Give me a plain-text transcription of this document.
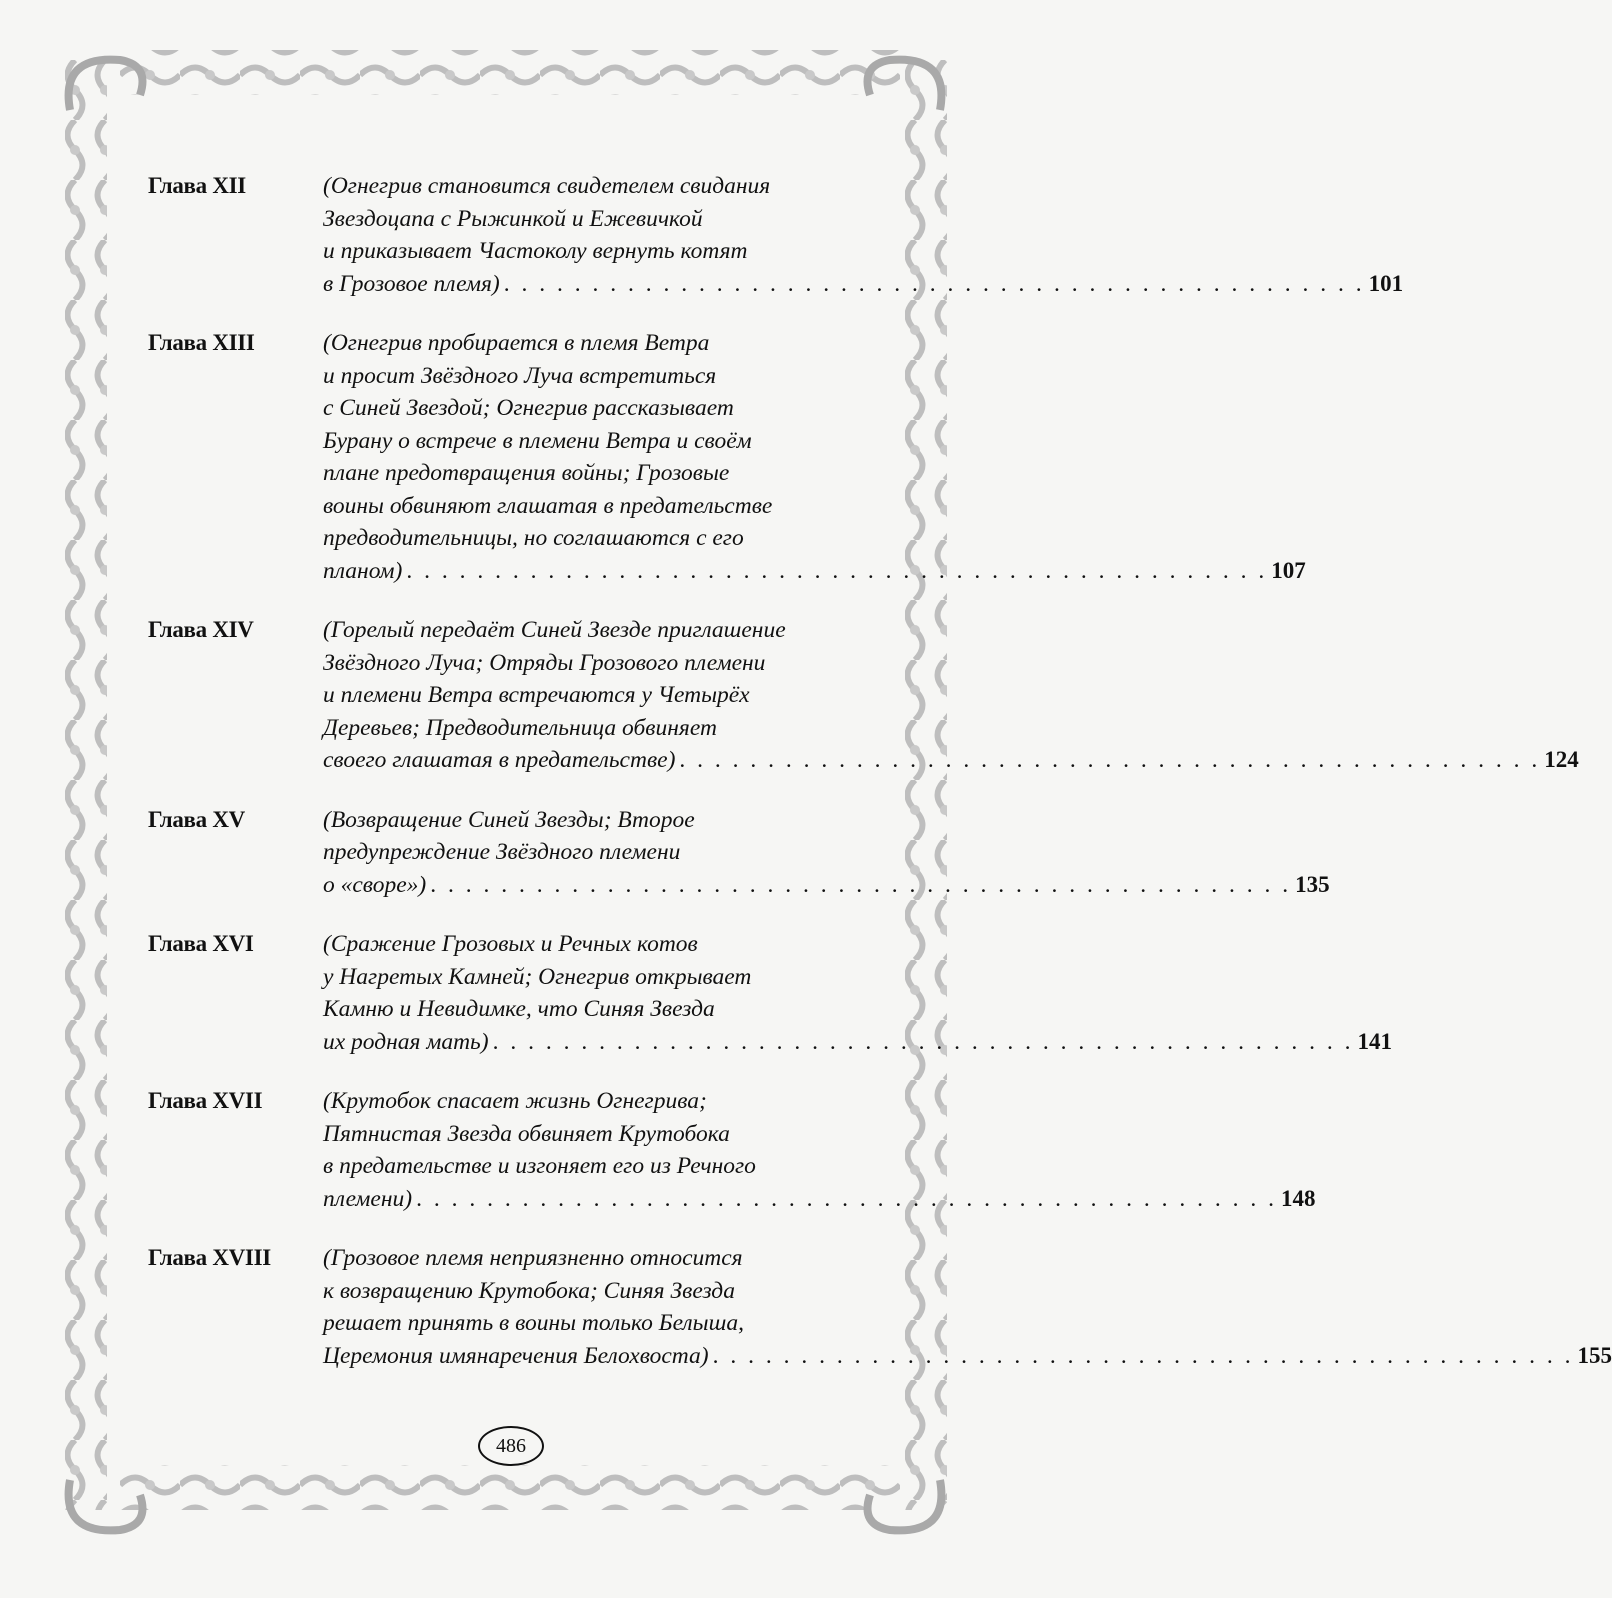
Глава XII	(Огнегрив становится свидетелем свидания
Звездоцапа с Рыжинкой и Ежевичкой
и приказывает Частоколу вернуть котят
в Грозовое племя) . . . . . . . . . . . . . . . . . . . . . . . . . . . . . . . . . . . . . . . . . . . . . . . . . 101
Глава XIII	(Огнегрив пробирается в племя Ветра
и просит Звёздного Луча встретиться
с Синей Звездой; Огнегрив рассказывает
Бурану о встрече в племени Ветра и своём
плане предотвращения войны; Грозовые
воины обвиняют глашатая в предательстве
предводительницы, но соглашаются с его
планом) . . . . . . . . . . . . . . . . . . . . . . . . . . . . . . . . . . . . . . . . . . . . . . . . . 107
Глава XIV	(Горелый передаёт Синей Звезде приглашение
Звёздного Луча; Отряды Грозового племени
и племени Ветра встречаются у Четырёх
Деревьев; Предводительница обвиняет
своего глашатая в предательстве) . . . . . . . . . . . . . . . . . . . . . . . . . . . . . . . . . . . . . . . . . . . . . . . . . 124
Глава XV	(Возвращение Синей Звезды; Второе
предупреждение Звёздного племени
о «своре») . . . . . . . . . . . . . . . . . . . . . . . . . . . . . . . . . . . . . . . . . . . . . . . . . 135
Глава XVI	(Сражение Грозовых и Речных котов
у Нагретых Камней; Огнегрив открывает
Камню и Невидимке, что Синяя Звезда
их родная мать) . . . . . . . . . . . . . . . . . . . . . . . . . . . . . . . . . . . . . . . . . . . . . . . . . 141
Глава XVII	(Крутобок спасает жизнь Огнегрива;
Пятнистая Звезда обвиняет Крутобока
в предательстве и изгоняет его из Речного
племени) . . . . . . . . . . . . . . . . . . . . . . . . . . . . . . . . . . . . . . . . . . . . . . . . . 148
Глава XVIII	(Грозовое племя неприязненно относится
к возвращению Крутобока; Синяя Звезда
решает принять в воины только Белыша,
Церемония имянаречения Белохвоста) . . . . . . . . . . . . . . . . . . . . . . . . . . . . . . . . . . . . . . . . . . . . . . . . . 155
486
